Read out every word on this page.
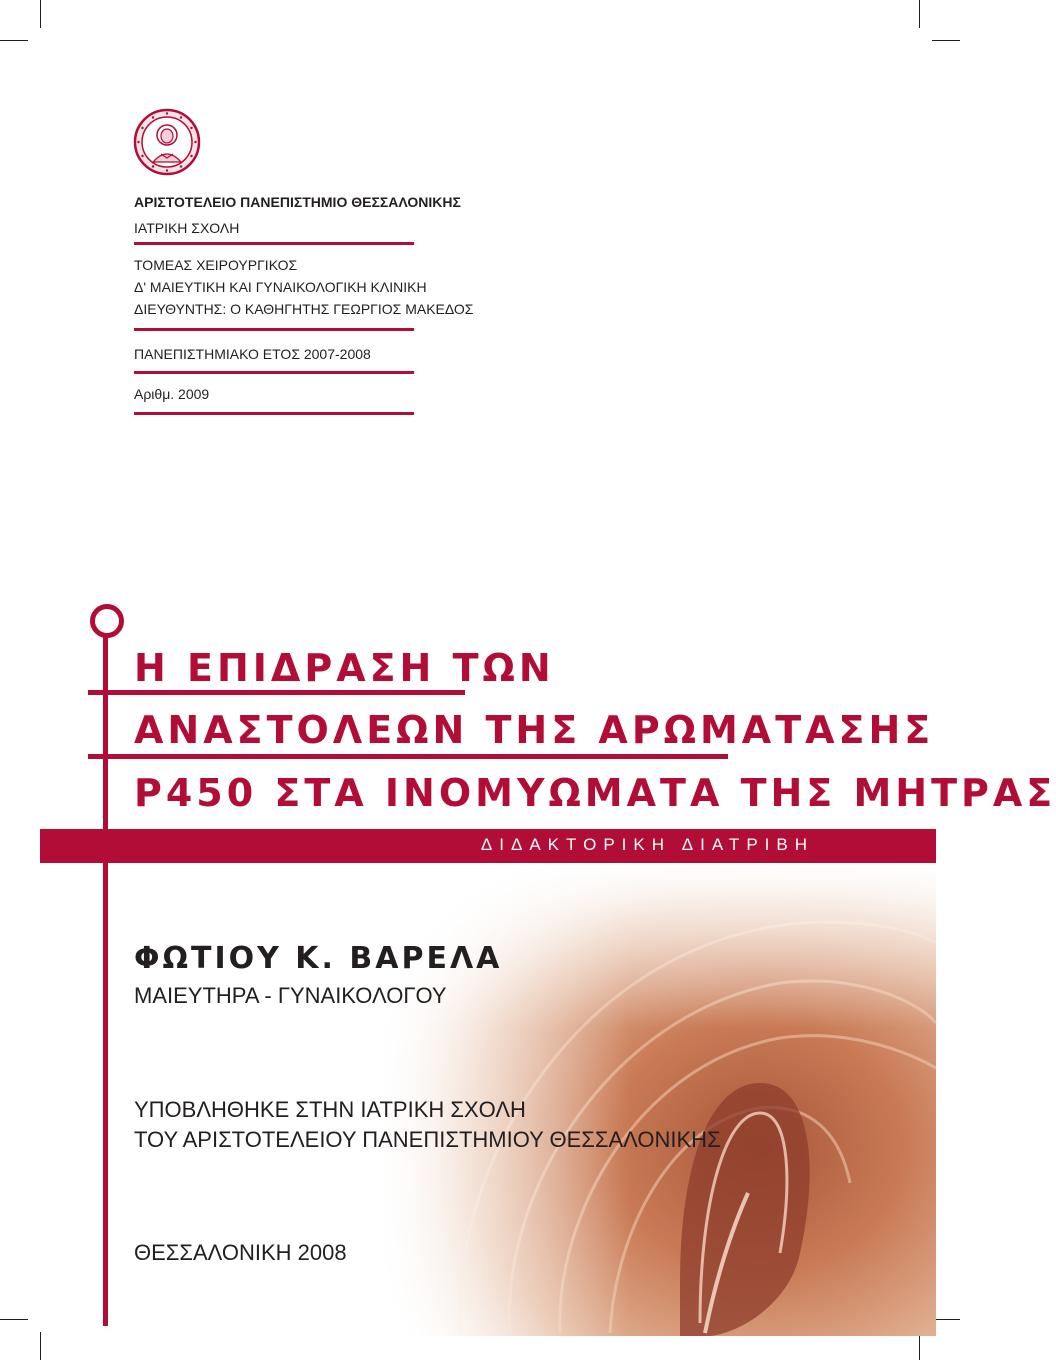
ΑΡΙΣΤΟΤΕΛΕΙΟ ΠΑΝΕΠΙΣΤΗΜΙΟ ΘΕΣΣΑΛΟΝΙΚΗΣ
ΙΑΤΡΙΚΗ ΣΧΟΛΗ
ΤΟΜΕΑΣ ΧΕΙΡΟΥΡΓΙΚΟΣ
Δ' ΜΑΙΕΥΤΙΚΗ ΚΑΙ ΓΥΝΑΙΚΟΛΟΓΙΚΗ ΚΛΙΝΙΚΗ
ΔΙΕΥΘΥΝΤΗΣ: Ο ΚΑΘΗΓΗΤΗΣ ΓΕΩΡΓΙΟΣ ΜΑΚΕΔΟΣ
ΠΑΝΕΠΙΣΤΗΜΙΑΚΟ ΕΤΟΣ 2007-2008
Αριθμ. 2009
Η ΕΠΙΔΡΑΣΗ ΤΩΝ
ΑΝΑΣΤΟΛΕΩΝ ΤΗΣ ΑΡΩΜΑΤΑΣΗΣ
Ρ450 ΣΤΑ ΙΝΟΜΥΩΜΑΤΑ ΤΗΣ ΜΗΤΡΑΣ
ΔΙΔΑΚΤΟΡΙΚΗ ΔΙΑΤΡΙΒΗ
ΦΩΤΙΟΥ Κ. ΒΑΡΕΛΑ
ΜΑΙΕΥΤΗΡΑ - ΓΥΝΑΙΚΟΛΟΓΟΥ
ΥΠΟΒΛΗΘΗΚΕ ΣΤΗΝ ΙΑΤΡΙΚΗ ΣΧΟΛΗ
ΤΟΥ ΑΡΙΣΤΟΤΕΛΕΙΟΥ ΠΑΝΕΠΙΣΤΗΜΙΟΥ ΘΕΣΣΑΛΟΝΙΚΗΣ
ΘΕΣΣΑΛΟΝΙΚΗ 2008
